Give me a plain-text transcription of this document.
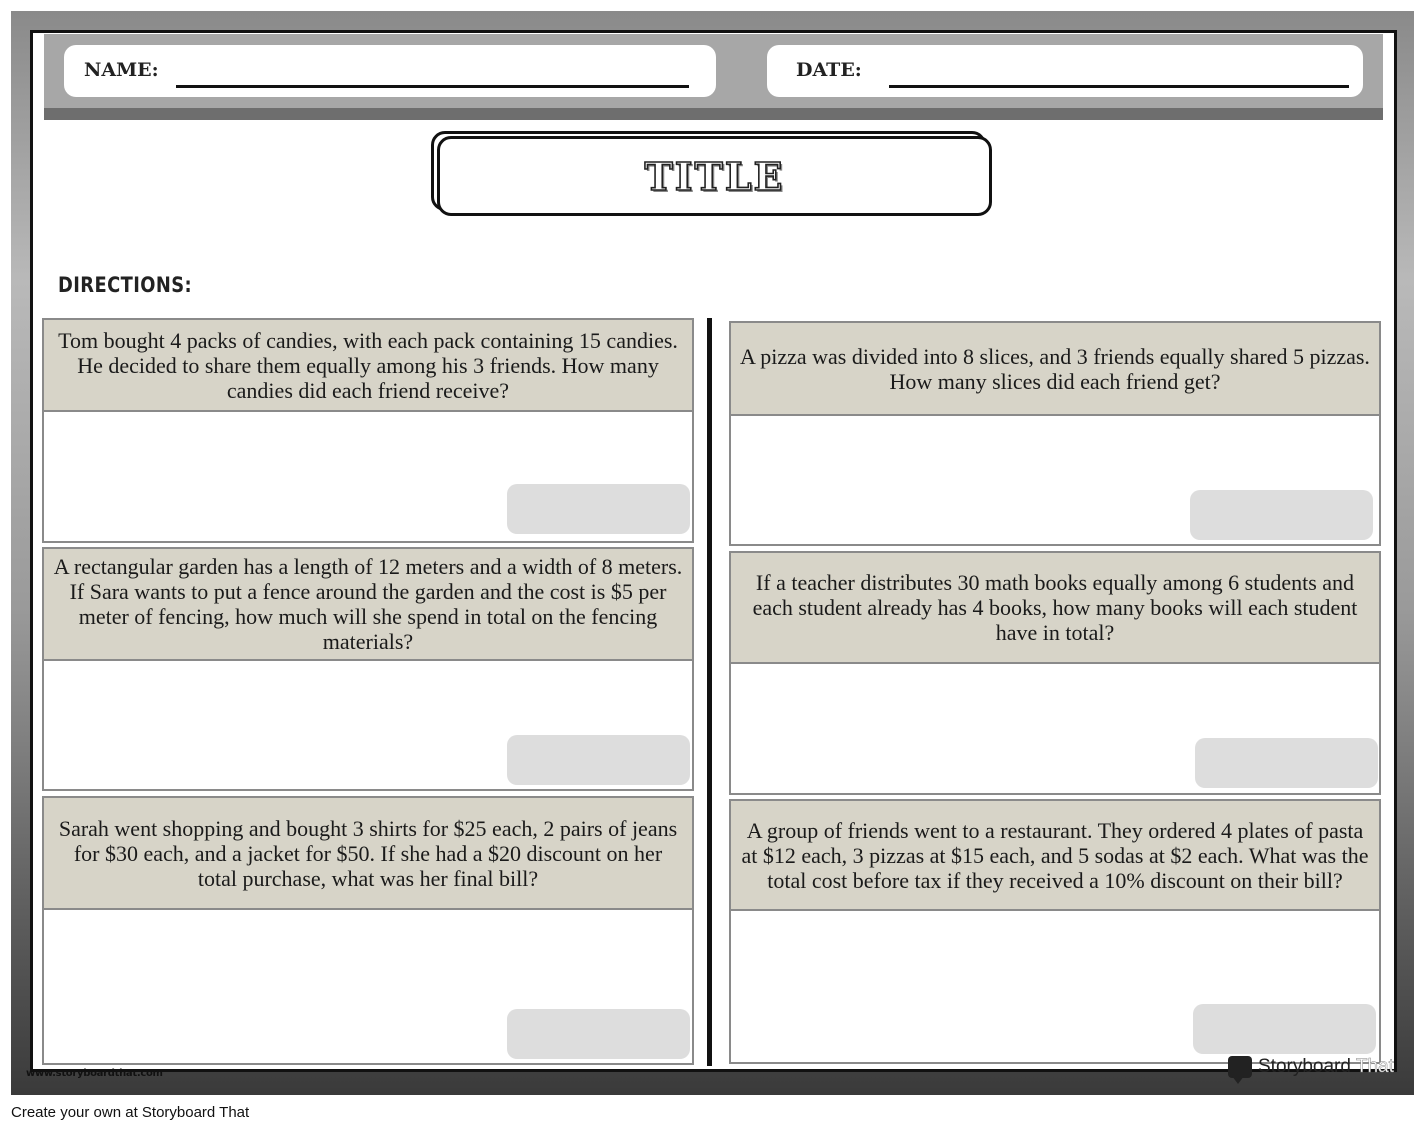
NAME:	DATE:
TITLE
DIRECTIONS:
Tom bought 4 packs of candies, with each pack containing 15 candies. He decided to share them equally among his 3 friends. How many candies did each friend receive?
A rectangular garden has a length of 12 meters and a width of 8 meters. If Sara wants to put a fence around the garden and the cost is $5 per meter of fencing, how much will she spend in total on the fencing materials?
Sarah went shopping and bought 3 shirts for $25 each, 2 pairs of jeans for $30 each, and a jacket for $50. If she had a $20 discount on her total purchase, what was her final bill?
A pizza was divided into 8 slices, and 3 friends equally shared 5 pizzas. How many slices did each friend get?
If a teacher distributes 30 math books equally among 6 students and each student already has 4 books, how many books will each student have in total?
A group of friends went to a restaurant. They ordered 4 plates of pasta at $12 each, 3 pizzas at $15 each, and 5 sodas at $2 each. What was the total cost before tax if they received a 10% discount on their bill?
www.storyboardthat.com	Storyboard That
Create your own at Storyboard That
